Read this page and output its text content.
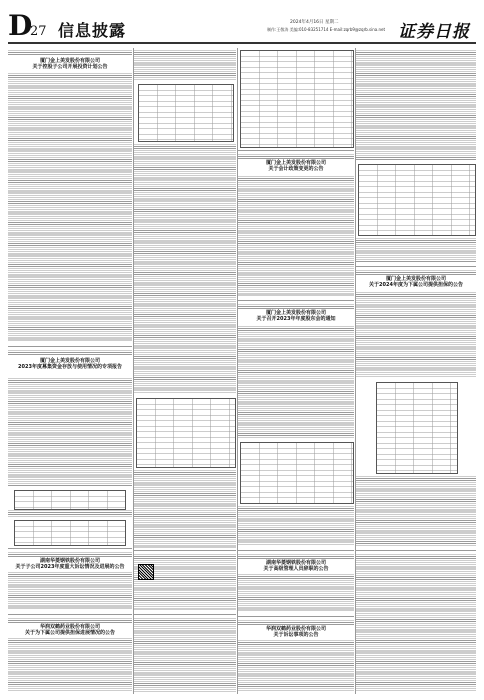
D
27 信息披露	2024年4月16日 星期二
制作:王敬涛 美编:010-83251714 E-mail:zqrb9@zqrb.sina.net 证券日报
厦门金上美发股份有限公司
关于控股子公司开展投资计划公告
厦门金上美发股份有限公司
2023年度募集资金存放与使用情况的专项报告
湖南华菱钢铁股份有限公司
关于子公司2023年度重大诉讼情况及进展的公告
华润双鹤药业股份有限公司
关于为下属公司提供担保进展情况的公告
厦门金上美发股份有限公司
关于会计政策变更的公告
厦门金上美发股份有限公司
关于召开2023年年度股东会的通知
湖南华菱钢铁股份有限公司
关于高级管理人员辞职的公告
华润双鹤药业股份有限公司
关于诉讼事项的公告
厦门金上美发股份有限公司
关于2024年度为下属公司提供担保的公告
